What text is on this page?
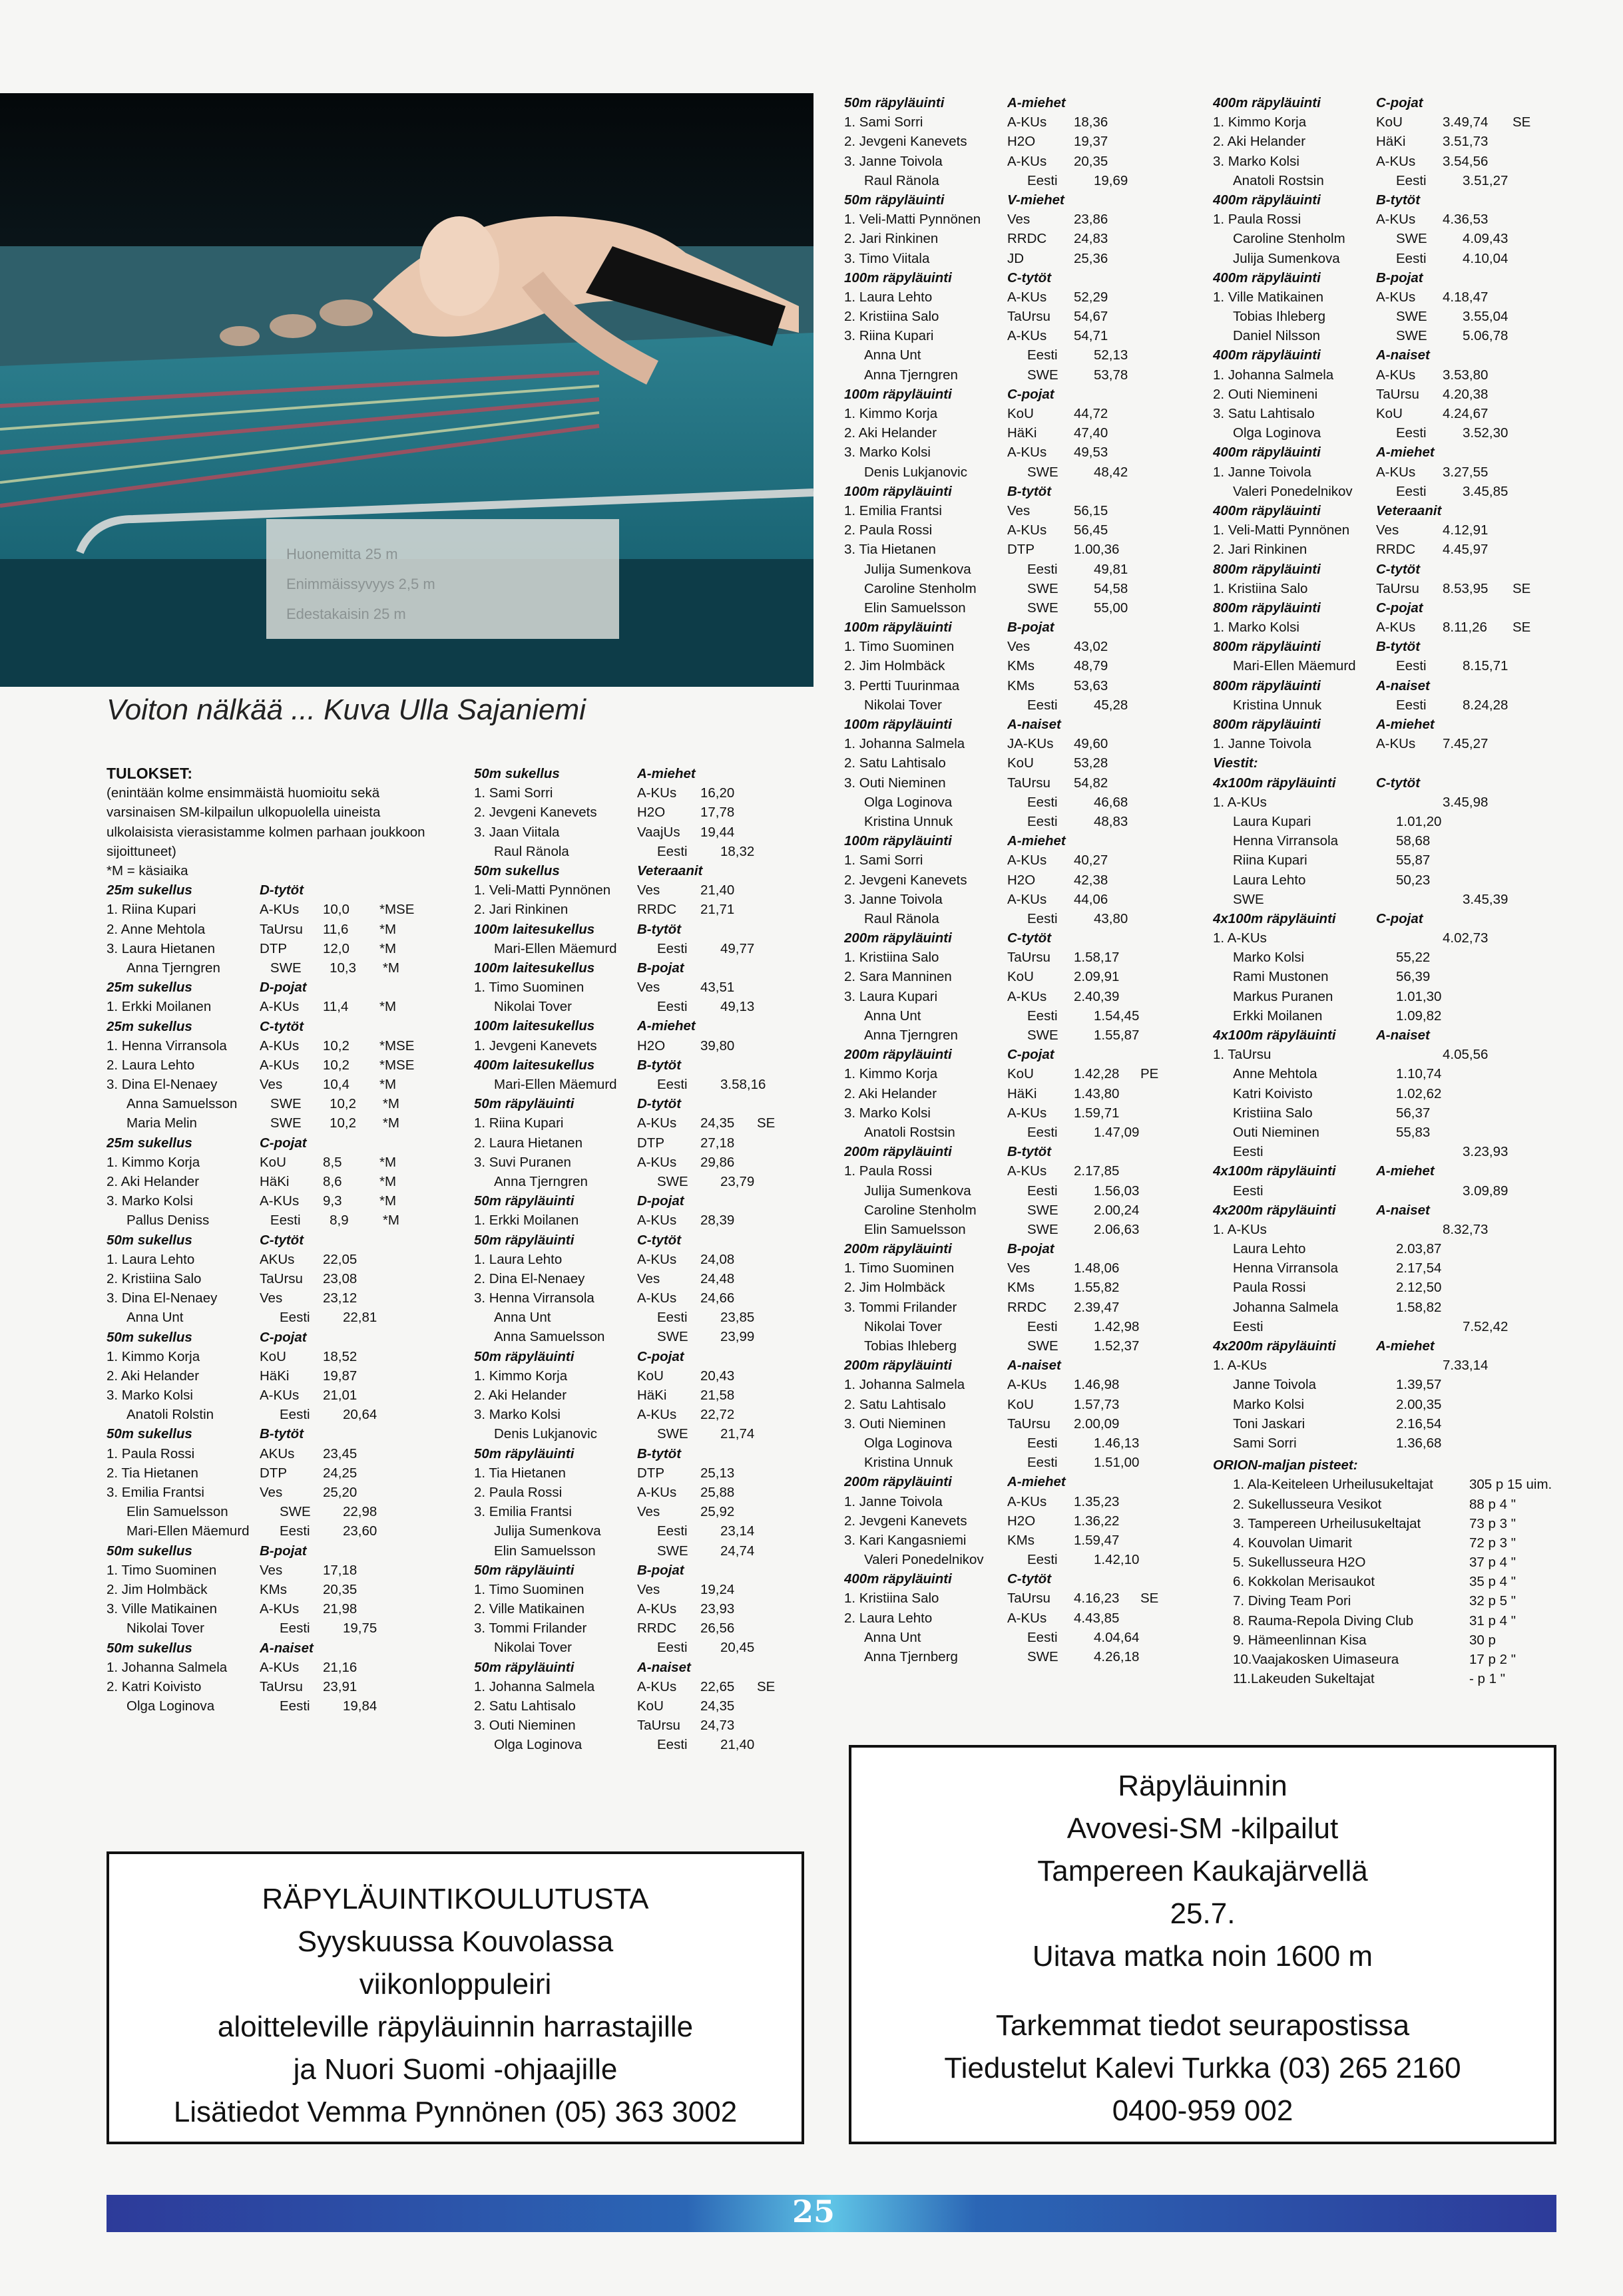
Huonemitta 25 m
Enimmäissyvyys 2,5 m
Edestakaisin 25 m
Voiton nälkää ... Kuva Ulla Sajaniemi
TULOKSET:
(enintään kolme ensimmäistä huomioitu sekä
varsinaisen SM-kilpailun ulkopuolella uineista
ulkolaisista vierasistamme kolmen parhaan joukkoon
sijoittuneet)
*M = käsiaika
25m sukellus	D-tytöt
1. Riina Kupari	A-KUs	10,0	*MSE
2. Anne Mehtola	TaUrsu	11,6	*M
3. Laura Hietanen	DTP	12,0	*M
Anna Tjerngren	SWE	10,3	*M
25m sukellus	D-pojat
1. Erkki Moilanen	A-KUs	11,4	*M
25m sukellus	C-tytöt
1. Henna Virransola	A-KUs	10,2	*MSE
2. Laura Lehto	A-KUs	10,2	*MSE
3. Dina El-Nenaey	Ves	10,4	*M
Anna Samuelsson	SWE	10,2	*M
Maria Melin	SWE	10,2	*M
25m sukellus	C-pojat
1. Kimmo Korja	KoU	8,5	*M
2. Aki Helander	HäKi	8,6	*M
3. Marko Kolsi	A-KUs	9,3	*M
Pallus Deniss	Eesti	8,9	*M
50m sukellus	C-tytöt
1. Laura Lehto	AKUs	22,05
2. Kristiina Salo	TaUrsu	23,08
3. Dina El-Nenaey	Ves	23,12
Anna Unt	Eesti	22,81
50m sukellus	C-pojat
1. Kimmo Korja	KoU	18,52
2. Aki Helander	HäKi	19,87
3. Marko Kolsi	A-KUs	21,01
Anatoli Rolstin	Eesti	20,64
50m sukellus	B-tytöt
1. Paula Rossi	AKUs	23,45
2. Tia Hietanen	DTP	24,25
3. Emilia Frantsi	Ves	25,20
Elin Samuelsson	SWE	22,98
Mari-Ellen Mäemurd	Eesti	23,60
50m sukellus	B-pojat
1. Timo Suominen	Ves	17,18
2. Jim Holmbäck	KMs	20,35
3. Ville Matikainen	A-KUs	21,98
Nikolai Tover	Eesti	19,75
50m sukellus	A-naiset
1. Johanna Salmela	A-KUs	21,16
2. Katri Koivisto	TaUrsu	23,91
Olga Loginova	Eesti	19,84
50m sukellus	A-miehet
1. Sami Sorri	A-KUs	16,20
2. Jevgeni Kanevets	H2O	17,78
3. Jaan Viitala	VaajUs	19,44
Raul Ränola	Eesti	18,32
50m sukellus	Veteraanit
1. Veli-Matti Pynnönen	Ves	21,40
2. Jari Rinkinen	RRDC	21,71
100m laitesukellus	B-tytöt
Mari-Ellen Mäemurd	Eesti	49,77
100m laitesukellus	B-pojat
1. Timo Suominen	Ves	43,51
Nikolai Tover	Eesti	49,13
100m laitesukellus	A-miehet
1. Jevgeni Kanevets	H2O	39,80
400m laitesukellus	B-tytöt
Mari-Ellen Mäemurd	Eesti	3.58,16
50m räpyläuinti	D-tytöt
1. Riina Kupari	A-KUs	24,35	SE
2. Laura Hietanen	DTP	27,18
3. Suvi Puranen	A-KUs	29,86
Anna Tjerngren	SWE	23,79
50m räpyläuinti	D-pojat
1. Erkki Moilanen	A-KUs	28,39
50m räpyläuinti	C-tytöt
1. Laura Lehto	A-KUs	24,08
2. Dina El-Nenaey	Ves	24,48
3. Henna Virransola	A-KUs	24,66
Anna Unt	Eesti	23,85
Anna Samuelsson	SWE	23,99
50m räpyläuinti	C-pojat
1. Kimmo Korja	KoU	20,43
2. Aki Helander	HäKi	21,58
3. Marko Kolsi	A-KUs	22,72
Denis Lukjanovic	SWE	21,74
50m räpyläuinti	B-tytöt
1. Tia Hietanen	DTP	25,13
2. Paula Rossi	A-KUs	25,88
3. Emilia Frantsi	Ves	25,92
Julija Sumenkova	Eesti	23,14
Elin Samuelsson	SWE	24,74
50m räpyläuinti	B-pojat
1. Timo Suominen	Ves	19,24
2. Ville Matikainen	A-KUs	23,93
3. Tommi Frilander	RRDC	26,56
Nikolai Tover	Eesti	20,45
50m räpyläuinti	A-naiset
1. Johanna Salmela	A-KUs	22,65	SE
2. Satu Lahtisalo	KoU	24,35
3. Outi Nieminen	TaUrsu	24,73
Olga Loginova	Eesti	21,40
50m räpyläuinti	A-miehet
1. Sami Sorri	A-KUs	18,36
2. Jevgeni Kanevets	H2O	19,37
3. Janne Toivola	A-KUs	20,35
Raul Ränola	Eesti	19,69
50m räpyläuinti	V-miehet
1. Veli-Matti Pynnönen	Ves	23,86
2. Jari Rinkinen	RRDC	24,83
3. Timo Viitala	JD	25,36
100m räpyläuinti	C-tytöt
1. Laura Lehto	A-KUs	52,29
2. Kristiina Salo	TaUrsu	54,67
3. Riina Kupari	A-KUs	54,71
Anna Unt	Eesti	52,13
Anna Tjerngren	SWE	53,78
100m räpyläuinti	C-pojat
1. Kimmo Korja	KoU	44,72
2. Aki Helander	HäKi	47,40
3. Marko Kolsi	A-KUs	49,53
Denis Lukjanovic	SWE	48,42
100m räpyläuinti	B-tytöt
1. Emilia Frantsi	Ves	56,15
2. Paula Rossi	A-KUs	56,45
3. Tia Hietanen	DTP	1.00,36
Julija Sumenkova	Eesti	49,81
Caroline Stenholm	SWE	54,58
Elin Samuelsson	SWE	55,00
100m räpyläuinti	B-pojat
1. Timo Suominen	Ves	43,02
2. Jim Holmbäck	KMs	48,79
3. Pertti Tuurinmaa	KMs	53,63
Nikolai Tover	Eesti	45,28
100m räpyläuinti	A-naiset
1. Johanna Salmela	JA-KUs	49,60
2. Satu Lahtisalo	KoU	53,28
3. Outi Nieminen	TaUrsu	54,82
Olga Loginova	Eesti	46,68
Kristina Unnuk	Eesti	48,83
100m räpyläuinti	A-miehet
1. Sami Sorri	A-KUs	40,27
2. Jevgeni Kanevets	H2O	42,38
3. Janne Toivola	A-KUs	44,06
Raul Ränola	Eesti	43,80
200m räpyläuinti	C-tytöt
1. Kristiina Salo	TaUrsu	1.58,17
2. Sara Manninen	KoU	2.09,91
3. Laura Kupari	A-KUs	2.40,39
Anna Unt	Eesti	1.54,45
Anna Tjerngren	SWE	1.55,87
200m räpyläuinti	C-pojat
1. Kimmo Korja	KoU	1.42,28	PE
2. Aki Helander	HäKi	1.43,80
3. Marko Kolsi	A-KUs	1.59,71
Anatoli Rostsin	Eesti	1.47,09
200m räpyläuinti	B-tytöt
1. Paula Rossi	A-KUs	2.17,85
Julija Sumenkova	Eesti	1.56,03
Caroline Stenholm	SWE	2.00,24
Elin Samuelsson	SWE	2.06,63
200m räpyläuinti	B-pojat
1. Timo Suominen	Ves	1.48,06
2. Jim Holmbäck	KMs	1.55,82
3. Tommi Frilander	RRDC	2.39,47
Nikolai Tover	Eesti	1.42,98
Tobias Ihleberg	SWE	1.52,37
200m räpyläuinti	A-naiset
1. Johanna Salmela	A-KUs	1.46,98
2. Satu Lahtisalo	KoU	1.57,73
3. Outi Nieminen	TaUrsu	2.00,09
Olga Loginova	Eesti	1.46,13
Kristina Unnuk	Eesti	1.51,00
200m räpyläuinti	A-miehet
1. Janne Toivola	A-KUs	1.35,23
2. Jevgeni Kanevets	H2O	1.36,22
3. Kari Kangasniemi	KMs	1.59,47
Valeri Ponedelnikov	Eesti	1.42,10
400m räpyläuinti	C-tytöt
1. Kristiina Salo	TaUrsu	4.16,23	SE
2. Laura Lehto	A-KUs	4.43,85
Anna Unt	Eesti	4.04,64
Anna Tjernberg	SWE	4.26,18
400m räpyläuinti	C-pojat
1. Kimmo Korja	KoU	3.49,74	SE
2. Aki Helander	HäKi	3.51,73
3. Marko Kolsi	A-KUs	3.54,56
Anatoli Rostsin	Eesti	3.51,27
400m räpyläuinti	B-tytöt
1. Paula Rossi	A-KUs	4.36,53
Caroline Stenholm	SWE	4.09,43
Julija Sumenkova	Eesti	4.10,04
400m räpyläuinti	B-pojat
1. Ville Matikainen	A-KUs	4.18,47
Tobias Ihleberg	SWE	3.55,04
Daniel Nilsson	SWE	5.06,78
400m räpyläuinti	A-naiset
1. Johanna Salmela	A-KUs	3.53,80
2. Outi Niemineni	TaUrsu	4.20,38
3. Satu Lahtisalo	KoU	4.24,67
Olga Loginova	Eesti	3.52,30
400m räpyläuinti	A-miehet
1. Janne Toivola	A-KUs	3.27,55
Valeri Ponedelnikov	Eesti	3.45,85
400m räpyläuinti	Veteraanit
1. Veli-Matti Pynnönen	Ves	4.12,91
2. Jari Rinkinen	RRDC	4.45,97
800m räpyläuinti	C-tytöt
1. Kristiina Salo	TaUrsu	8.53,95	SE
800m räpyläuinti	C-pojat
1. Marko Kolsi	A-KUs	8.11,26	SE
800m räpyläuinti	B-tytöt
Mari-Ellen Mäemurd	Eesti	8.15,71
800m räpyläuinti	A-naiset
Kristina Unnuk	Eesti	8.24,28
800m räpyläuinti	A-miehet
1. Janne Toivola	A-KUs	7.45,27
Viestit:
4x100m räpyläuinti	C-tytöt
1. A-KUs	3.45,98
Laura Kupari	1.01,20
Henna Virransola	58,68
Riina Kupari	55,87
Laura Lehto	50,23
SWE	3.45,39
4x100m räpyläuinti	C-pojat
1. A-KUs	4.02,73
Marko Kolsi	55,22
Rami Mustonen	56,39
Markus Puranen	1.01,30
Erkki Moilanen	1.09,82
4x100m räpyläuinti	A-naiset
1. TaUrsu	4.05,56
Anne Mehtola	1.10,74
Katri Koivisto	1.02,62
Kristiina Salo	56,37
Outi Nieminen	55,83
Eesti	3.23,93
4x100m räpyläuinti	A-miehet
Eesti	3.09,89
4x200m räpyläuinti	A-naiset
1. A-KUs	8.32,73
Laura Lehto	2.03,87
Henna Virransola	2.17,54
Paula Rossi	2.12,50
Johanna Salmela	1.58,82
Eesti	7.52,42
4x200m räpyläuinti	A-miehet
1. A-KUs	7.33,14
Janne Toivola	1.39,57
Marko Kolsi	2.00,35
Toni Jaskari	2.16,54
Sami Sorri	1.36,68
ORION-maljan pisteet:
1. Ala-Keiteleen Urheilusukeltajat	305 p 15 uim.
2. Sukellusseura Vesikot	88 p 4 "
3. Tampereen Urheilusukeltajat	73 p 3 "
4. Kouvolan Uimarit	72 p 3 "
5. Sukellusseura H2O	37 p 4 "
6. Kokkolan Merisaukot	35 p 4 "
7. Diving Team Pori	32 p 5 "
8. Rauma-Repola Diving Club	31 p 4 "
9. Hämeenlinnan Kisa	30 p
10.Vaajakosken Uimaseura	17 p 2 "
11.Lakeuden Sukeltajat	- p 1 "
RÄPYLÄUINTIKOULUTUSTA
Syyskuussa Kouvolassa
viikonloppuleiri
aloitteleville räpyläuinnin harrastajille
ja Nuori Suomi -ohjaajille
Lisätiedot Vemma Pynnönen (05) 363 3002
Räpyläuinnin
Avovesi-SM -kilpailut
Tampereen Kaukajärvellä
25.7.
Uitava matka noin 1600 m
Tarkemmat tiedot seurapostissa
Tiedustelut Kalevi Turkka (03) 265 2160
0400-959 002
25
